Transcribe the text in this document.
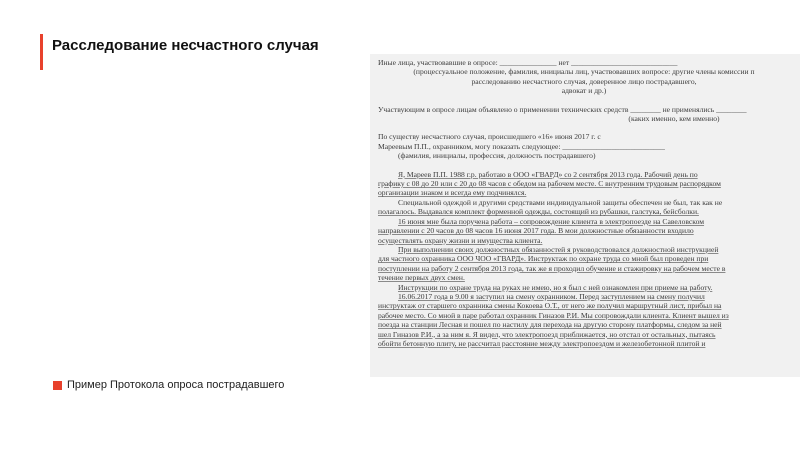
Расследование несчастного случая
Иные лица, участвовавшие в опросе: _______________ нет ____________________________
(процессуальное положение, фамилия, инициалы лиц, участвовавших вопросе: другие члены комиссии п
расследованию несчастного случая, доверенное лицо пострадавшего,
адвокат и др.)
Участвующим в опросе лицам объявлено о применении технических средств ________ не применялись ________
(каких именно, кем именно)
По существу несчастного случая, происшедшего «16» июня 2017 г. с
Мареевым П.П., охранником, могу показать следующее: ___________________________
(фамилия, инициалы, профессия, должность пострадавшего)
Я, Мареев П.П. 1988 г.р. работаю в ООО «ГВАРД» со 2 сентября 2013 года. Рабочий день по
графику с 08 до 20 или с 20 до 08 часов с обедом на рабочем месте. С внутренним трудовым распорядком
организации знаком и всегда ему подчинялся.
Специальной одеждой и другими средствами индивидуальной защиты обеспечен не был, так как не
полагалось. Выдавался комплект форменной одежды, состоящий из рубашки, галстука, бейсболки.
16 июня мне была поручена работа – сопровождение клиента в электропоезде на Савеловском
направлении с 20 часов до 08 часов 16 июня 2017 года. В мои должностные обязанности входило
осуществлять охрану жизни и имущества клиента.
При выполнении своих должностных обязанностей я руководствовался должностной инструкцией
для частного охранника ООО ЧОО «ГВАРД». Инструктаж по охране труда со мной был проведен при
поступлении на работу 2 сентября 2013 года, так же я проходил обучение и стажировку на рабочем месте в
течение первых двух смен.
Инструкции по охране труда на руках не имею, но я был с ней ознакомлен при приеме на работу.
16.06.2017 года в 9.00 я заступил на смену охранником. Перед заступлением на смену получил
инструктаж от старшего охранника смены Кокоева О.Т., от него же получил маршрутный лист, прибыл на
рабочее место. Со мной в паре работал охранник Гиназов Р.И. Мы сопровождали клиента. Клиент вышел из
поезда на станции Лесная и пошел по настилу для перехода на другую сторону платформы, следом за ней
шел Гиназов Р.И., а за ним я. Я видел, что электропоезд приближается, но отстал от остальных, пытаясь
обойти бетонную плиту, не рассчитал расстояние между электропоездом и железобетонной плитой и
Пример Протокола опроса пострадавшего
